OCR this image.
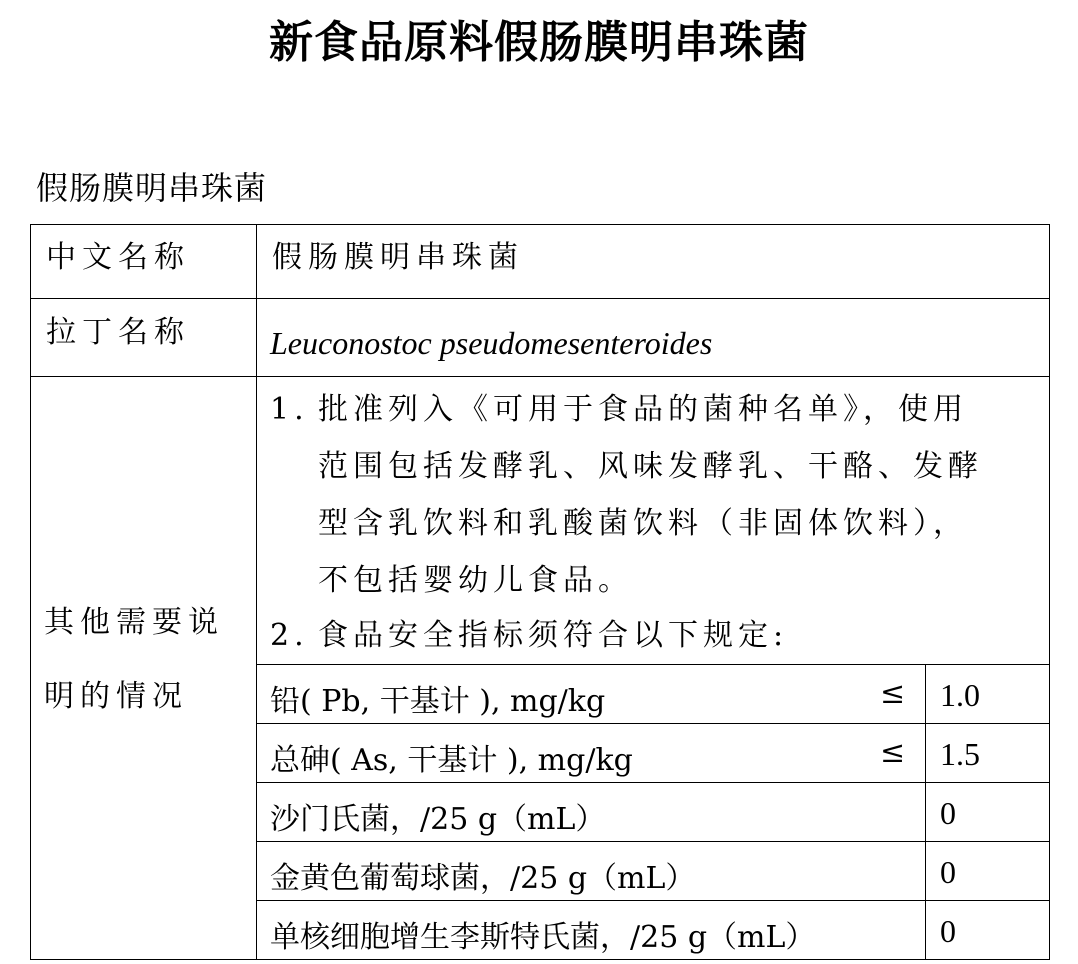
新食品原料假肠膜明串珠菌
假肠膜明串珠菌
中文名称	假肠膜明串珠菌
拉丁名称	Leuconostoc pseudomesenteroides
其他需要说
明的情况
1. 批准列入《可用于食品的菌种名单》，使用
范围包括发酵乳、风味发酵乳、干酪、发酵
型含乳饮料和乳酸菌饮料（非固体饮料），
不包括婴幼儿食品。
2. 食品安全指标须符合以下规定:
铅( Pb, 干基计 ), mg/kg	≤ 1.0
总砷( As, 干基计 ), mg/kg	≤ 1.5
沙门氏菌，/25 g（mL）	0
金黄色葡萄球菌，/25 g（mL）	0
单核细胞增生李斯特氏菌，/25 g（mL）	0
